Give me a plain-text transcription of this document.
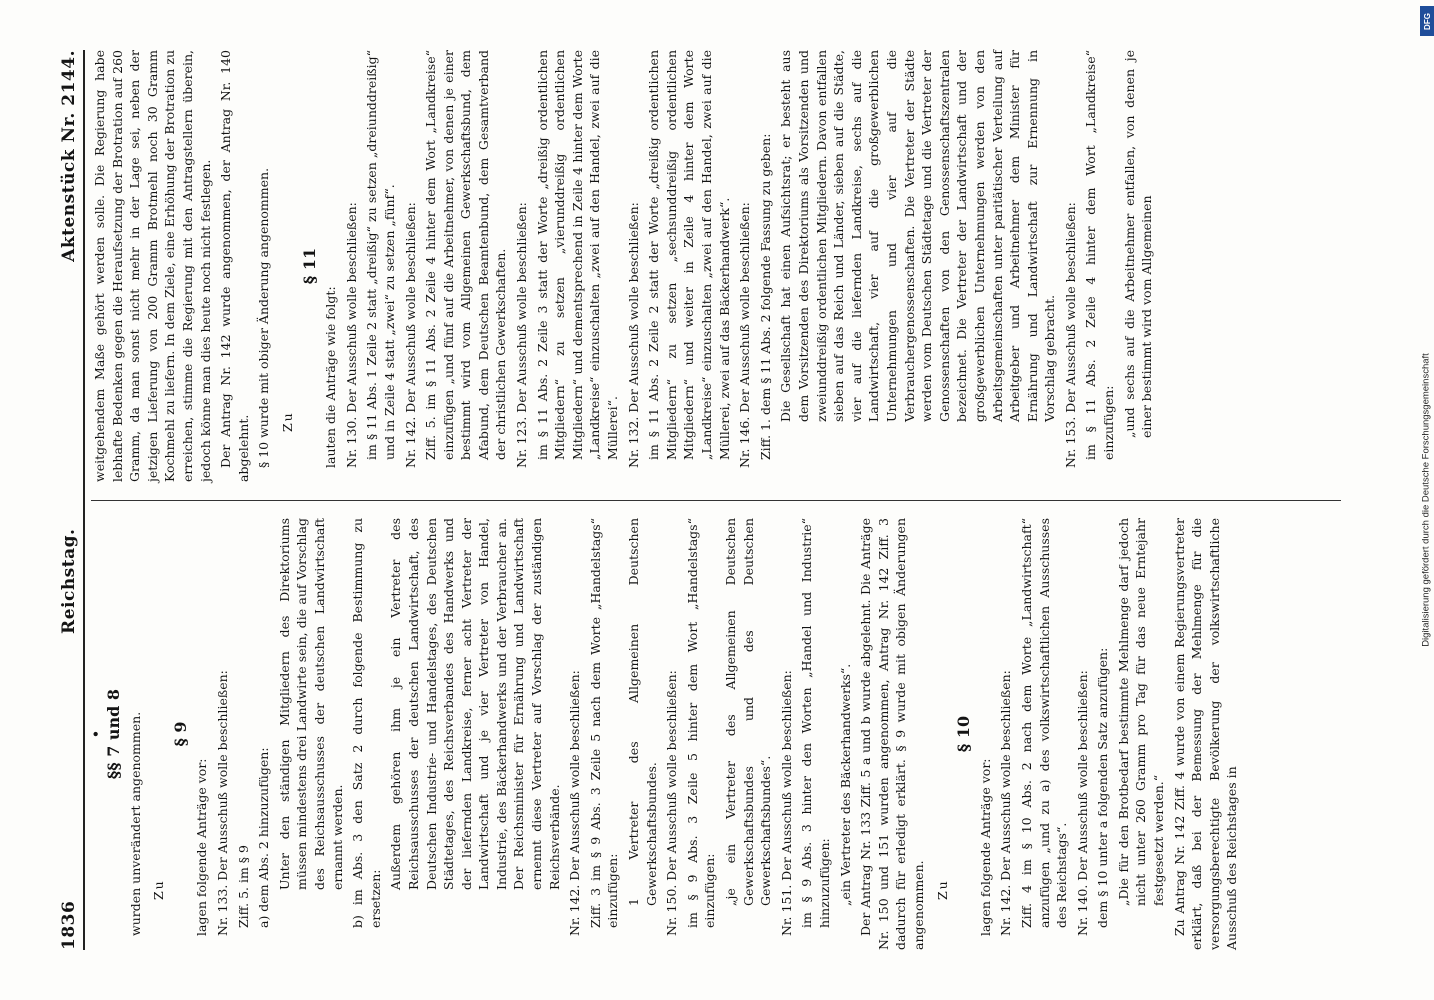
1836
Reichstag.
Aktenstück Nr. 2144.
• §§ 7 und 8 wurden unverändert angenommen. Zu
§ 9
lagen folgende Anträge vor: Nr. 133. Der Ausschuß wolle beschließen: Ziff. 5. im § 9 a) dem Abs. 2 hinzuzufügen: Unter den ständigen Mitgliedern des Direktoriums müssen mindestens drei Landwirte sein, die auf Vorschlag des Reichsausschusses der deutschen Landwirtschaft ernannt werden. b) im Abs. 3 den Satz 2 durch folgende Bestimmung zu ersetzen:
Außerdem gehören ihm je ein Vertreter des Reichsausschusses der deutschen Landwirtschaft, des Deutschen Industrie- und Handelstages, des Deutschen Städtetages, des Reichsverbandes des Handwerks und der liefernden Landkreise, ferner acht Vertreter der Landwirtschaft und je vier Vertreter von Handel, Industrie, des Bäckerhandwerks und der Verbraucher an. Der Reichsminister für Ernährung und Landwirtschaft ernennt diese Vertreter auf Vorschlag der zuständigen Reichsverbände. Nr. 142. Der Ausschuß wolle beschließen: Ziff. 3 im § 9 Abs. 3 Zeile 5 nach dem Worte „Handelstags“ einzufügen: 1 Vertreter des Allgemeinen Deutschen Gewerkschaftsbundes. Nr. 150. Der Ausschuß wolle beschließen: im § 9 Abs. 3 Zeile 5 hinter dem Wort „Handelstags“ einzufügen: „je ein Vertreter des Allgemeinen Deutschen Gewerkschaftsbundes und des Deutschen Gewerkschaftsbundes“. Nr. 151. Der Ausschuß wolle beschließen: im § 9 Abs. 3 hinter den Worten „Handel und Industrie“ hinzuzufügen: „ein Vertreter des Bäckerhandwerks“. Der Antrag Nr. 133 Ziff. 5 a und b wurde abgelehnt. Die Anträge Nr. 150 und 151 wurden angenommen, Antrag Nr. 142 Ziff. 3 dadurch für erledigt erklärt. § 9 wurde mit obigen Änderungen angenommen. Zu
§ 10
lagen folgende Anträge vor: Nr. 142. Der Ausschuß wolle beschließen: Ziff. 4 im § 10 Abs. 2 nach dem Worte „Landwirtschaft“ anzufügen „und zu a) des volkswirtschaftlichen Ausschusses des Reichstags“. Nr. 140. Der Ausschuß wolle beschließen: dem § 10 unter a folgenden Satz anzufügen: „Die für den Brotbedarf bestimmte Mehlmenge darf jedoch nicht unter 260 Gramm pro Tag für das neue Erntejahr festgesetzt werden.“ Zu Antrag Nr. 142 Ziff. 4 wurde von einem Regierungsvertreter erklärt, daß bei der Bemessung der Mehlmenge für die versorgungsberechtigte Bevölkerung der volkswirtschaftliche Ausschuß des Reichstages in
weitgehendem Maße gehört werden solle. Die Regierung habe lebhafte Bedenken gegen die Heraufsetzung der Brotration auf 260 Gramm, da man sonst nicht mehr in der Lage sei, neben der jetzigen Lieferung von 200 Gramm Brotmehl noch 30 Gramm Kochmehl zu liefern. In dem Ziele, eine Erhöhung der Brotration zu erreichen, stimme die Regierung mit den Antragstellern überein, jedoch könne man dies heute noch nicht festlegen. Der Antrag Nr. 142 wurde angenommen, der Antrag Nr. 140 abgelehnt. § 10 wurde mit obiger Änderung angenommen. Zu
§ 11
lauten die Anträge wie folgt: Nr. 130. Der Ausschuß wolle beschließen: im § 11 Abs. 1 Zeile 2 statt „dreißig“ zu setzen „dreiunddreißig“ und in Zeile 4 statt „zwei“ zu setzen „fünf“. Nr. 142. Der Ausschuß wolle beschließen: Ziff. 5. im § 11 Abs. 2 Zeile 4 hinter dem Wort „Landkreise“ einzufügen „und fünf auf die Arbeitnehmer, von denen je einer bestimmt wird vom Allgemeinen Gewerkschaftsbund, dem Afabund, dem Deutschen Beamtenbund, dem Gesamtverband der christlichen Gewerkschaften. Nr. 123. Der Ausschuß wolle beschließen: im § 11 Abs. 2 Zeile 3 statt der Worte „dreißig ordentlichen Mitgliedern“ zu setzen „vierunddreißig ordentlichen Mitgliedern“ und dementsprechend in Zeile 4 hinter dem Worte „Landkreise“ einzuschalten „zwei auf den Handel, zwei auf die Müllerei“. Nr. 132. Der Ausschuß wolle beschließen: im § 11 Abs. 2 Zeile 2 statt der Worte „dreißig ordentlichen Mitgliedern“ zu setzen „sechsunddreißig ordentlichen Mitgliedern“ und weiter in Zeile 4 hinter dem Worte „Landkreise“ einzuschalten „zwei auf den Handel, zwei auf die Müllerei, zwei auf das Bäckerhandwerk“. Nr. 146. Der Ausschuß wolle beschließen: Ziff. 1. dem § 11 Abs. 2 folgende Fassung zu geben: Die Gesellschaft hat einen Aufsichtsrat; er besteht aus dem Vorsitzenden des Direktoriums als Vorsitzenden und zweiunddreißig ordentlichen Mitgliedern. Davon entfallen sieben auf das Reich und Länder, sieben auf die Städte, vier auf die liefernden Landkreise, sechs auf die Landwirtschaft, vier auf die großgewerblichen Unternehmungen und vier auf die Verbrauchergenossenschaften. Die Vertreter der Städte werden vom Deutschen Städtetage und die Vertreter der Genossenschaften von den Genossenschaftszentralen bezeichnet. Die Vertreter der Landwirtschaft und der großgewerblichen Unternehmungen werden von den Arbeitsgemeinschaften unter paritätischer Verteilung auf Arbeitgeber und Arbeitnehmer dem Minister für Ernährung und Landwirtschaft zur Ernennung in Vorschlag gebracht. Nr. 153. Der Ausschuß wolle beschließen: im § 11 Abs. 2 Zeile 4 hinter dem Wort „Landkreise“ einzufügen: „und sechs auf die Arbeitnehmer entfallen, von denen je einer bestimmt wird vom Allgemeinen
DFG
Digitalisierung gefördert durch die Deutsche Forschungsgemeinschaft
